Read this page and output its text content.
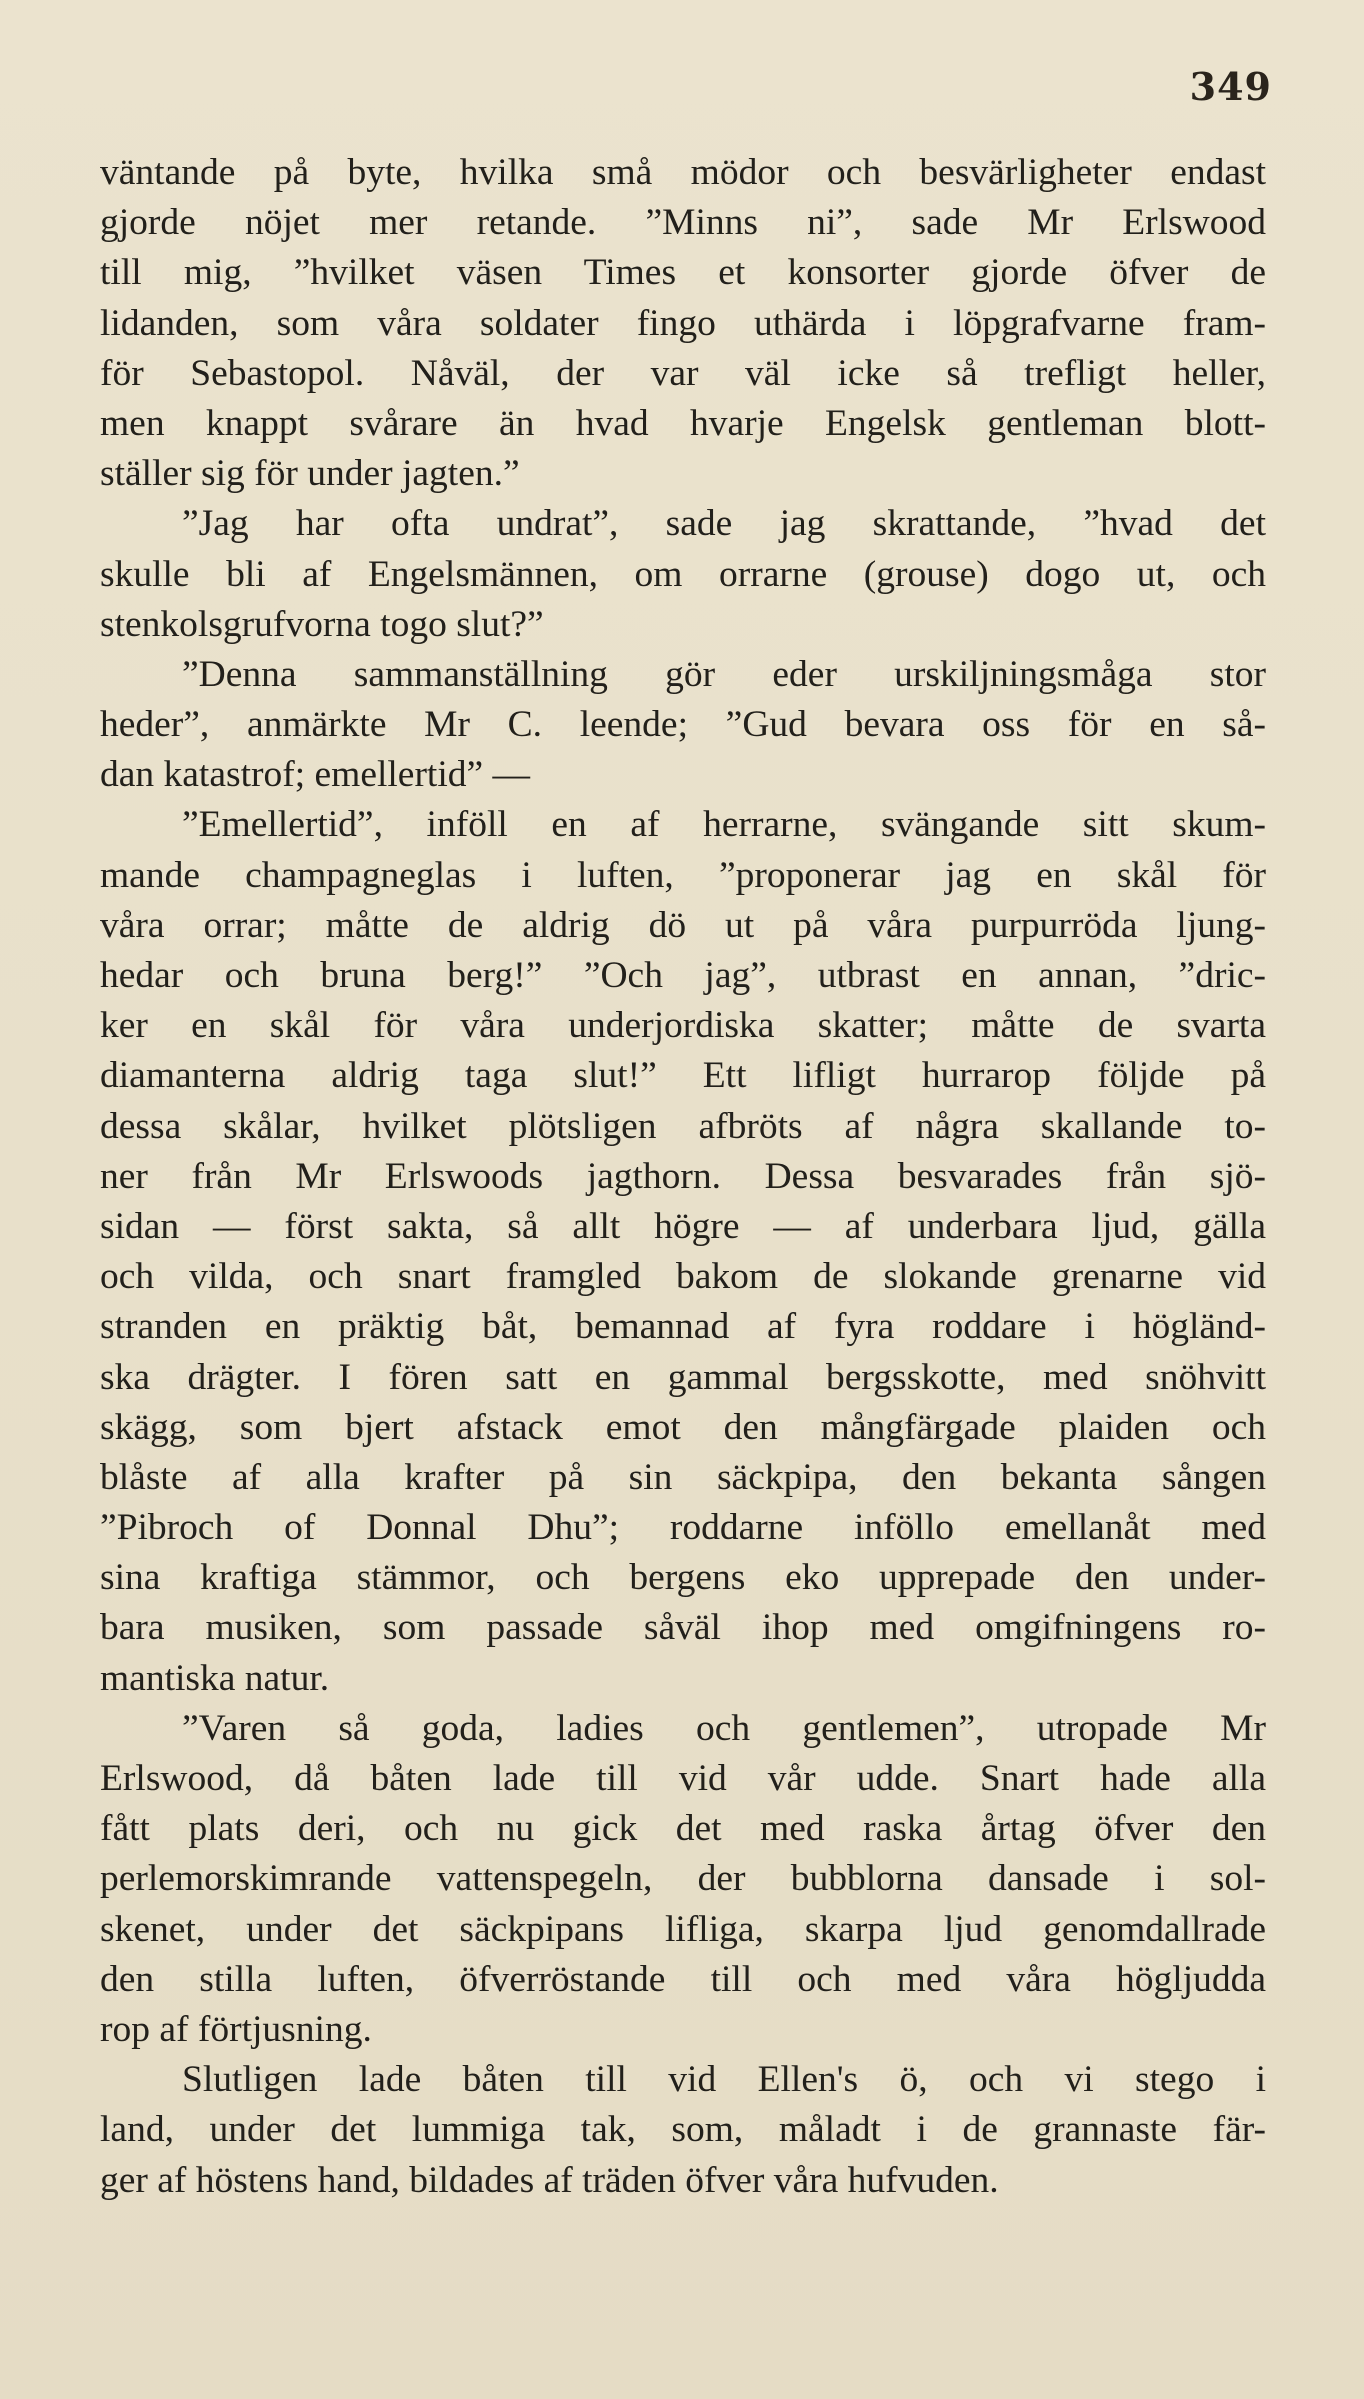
349
väntande på byte, hvilka små mödor och besvärligheter endast
gjorde nöjet mer retande. ”Minns ni”, sade Mr Erlswood
till mig, ”hvilket väsen Times et konsorter gjorde öfver de
lidanden, som våra soldater fingo uthärda i löpgrafvarne fram-
för Sebastopol. Nåväl, der var väl icke så trefligt heller,
men knappt svårare än hvad hvarje Engelsk gentleman blott-
ställer sig för under jagten.”
”Jag har ofta undrat”, sade jag skrattande, ”hvad det
skulle bli af Engelsmännen, om orrarne (grouse) dogo ut, och
stenkolsgrufvorna togo slut?”
”Denna sammanställning gör eder urskiljningsmåga stor
heder”, anmärkte Mr C. leende; ”Gud bevara oss för en så-
dan katastrof; emellertid” —
”Emellertid”, inföll en af herrarne, svängande sitt skum-
mande champagneglas i luften, ”proponerar jag en skål för
våra orrar; måtte de aldrig dö ut på våra purpurröda ljung-
hedar och bruna berg!” ”Och jag”, utbrast en annan, ”dric-
ker en skål för våra underjordiska skatter; måtte de svarta
diamanterna aldrig taga slut!” Ett lifligt hurrarop följde på
dessa skålar, hvilket plötsligen afbröts af några skallande to-
ner från Mr Erlswoods jagthorn. Dessa besvarades från sjö-
sidan — först sakta, så allt högre — af underbara ljud, gälla
och vilda, och snart framgled bakom de slokande grenarne vid
stranden en präktig båt, bemannad af fyra roddare i högländ-
ska drägter. I fören satt en gammal bergsskotte, med snöhvitt
skägg, som bjert afstack emot den mångfärgade plaiden och
blåste af alla krafter på sin säckpipa, den bekanta sången
”Pibroch of Donnal Dhu”; roddarne inföllo emellanåt med
sina kraftiga stämmor, och bergens eko upprepade den under-
bara musiken, som passade såväl ihop med omgifningens ro-
mantiska natur.
”Varen så goda, ladies och gentlemen”, utropade Mr
Erlswood, då båten lade till vid vår udde. Snart hade alla
fått plats deri, och nu gick det med raska årtag öfver den
perlemorskimrande vattenspegeln, der bubblorna dansade i sol-
skenet, under det säckpipans lifliga, skarpa ljud genomdallrade
den stilla luften, öfverröstande till och med våra högljudda
rop af förtjusning.
Slutligen lade båten till vid Ellen's ö, och vi stego i
land, under det lummiga tak, som, måladt i de grannaste fär-
ger af höstens hand, bildades af träden öfver våra hufvuden.
